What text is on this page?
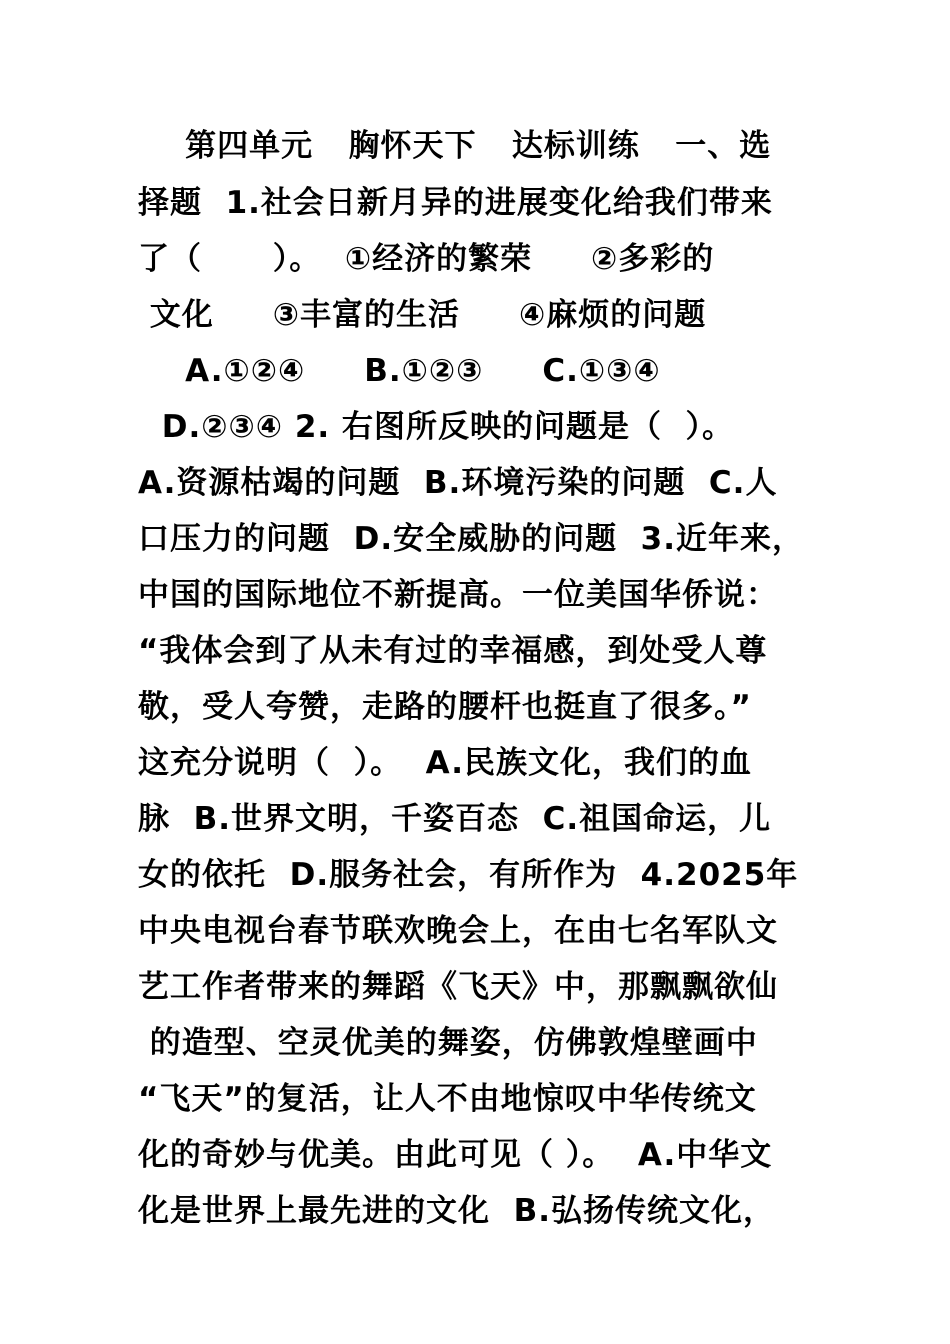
第四单元   胸怀天下   达标训练   一、选
择题  1.社会日新月异的进展变化给我们带来
了（      ）。  ①经济的繁荣     ②多彩的
文化     ③丰富的生活     ④麻烦的问题
A.①②④     B.①②③     C.①③④
D.②③④ 2. 右图所反映的问题是（  ）。
A.资源枯竭的问题  B.环境污染的问题  C.人
口压力的问题  D.安全威胁的问题  3.近年来，
中国的国际地位不新提高。一位美国华侨说：
“我体会到了从未有过的幸福感，到处受人尊
敬，受人夸赞，走路的腰杆也挺直了很多。”
这充分说明（  ）。  A.民族文化，我们的血
脉  B.世界文明，千姿百态  C.祖国命运，儿
女的依托  D.服务社会，有所作为  4.2025年
中央电视台春节联欢晚会上，在由七名军队文
艺工作者带来的舞蹈《飞天》中，那飘飘欲仙
的造型、空灵优美的舞姿，仿佛敦煌壁画中
“飞天”的复活，让人不由地惊叹中华传统文
化的奇妙与优美。由此可见（ ）。  A.中华文
化是世界上最先进的文化  B.弘扬传统文化，
